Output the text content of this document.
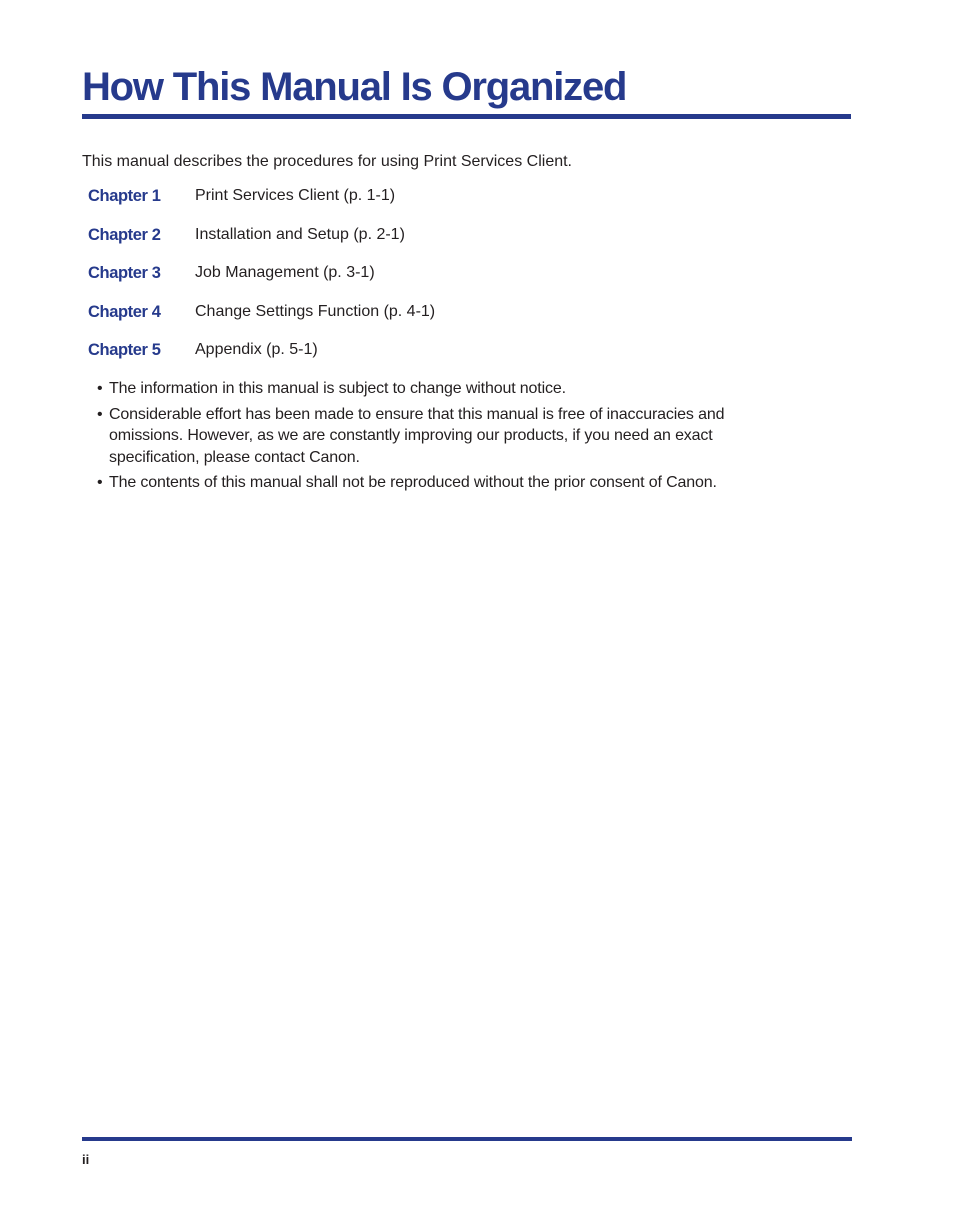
How This Manual Is Organized

This manual describes the procedures for using Print Services Client.

Chapter 1	Print Services Client (p. 1-1)
Chapter 2	Installation and Setup (p. 2-1)
Chapter 3	Job Management (p. 3-1)
Chapter 4	Change Settings Function (p. 4-1)
Chapter 5	Appendix (p. 5-1)
• The information in this manual is subject to change without notice.
• Considerable effort has been made to ensure that this manual is free of inaccuracies and omissions. However, as we are constantly improving our products, if you need an exact specification, please contact Canon.
• The contents of this manual shall not be reproduced without the prior consent of Canon.
ii
